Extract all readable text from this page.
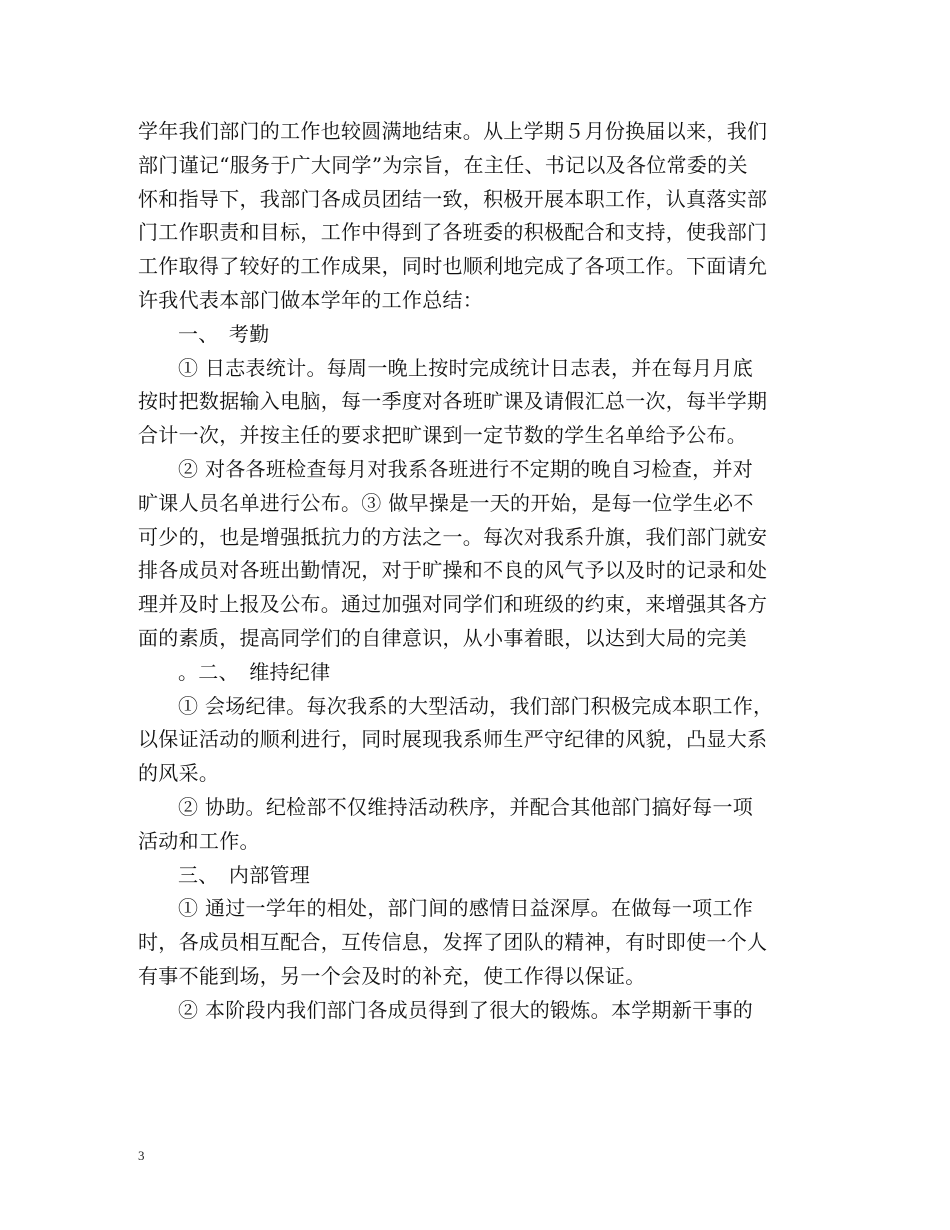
学年我们部门的工作也较圆满地结束。从上学期５月份换届以来，我们
部门谨记“服务于广大同学”为宗旨，在主任、书记以及各位常委的关
怀和指导下，我部门各成员团结一致，积极开展本职工作，认真落实部
门工作职责和目标，工作中得到了各班委的积极配合和支持，使我部门
工作取得了较好的工作成果，同时也顺利地完成了各项工作。下面请允
许我代表本部门做本学年的工作总结：
一、　考勤
① 日志表统计。每周一晚上按时完成统计日志表，并在每月月底
按时把数据输入电脑，每一季度对各班旷课及请假汇总一次，每半学期
合计一次，并按主任的要求把旷课到一定节数的学生名单给予公布。
② 对各各班检查每月对我系各班进行不定期的晚自习检查，并对
旷课人员名单进行公布。③ 做早操是一天的开始，是每一位学生必不
可少的，也是增强抵抗力的方法之一。每次对我系升旗，我们部门就安
排各成员对各班出勤情况，对于旷操和不良的风气予以及时的记录和处
理并及时上报及公布。通过加强对同学们和班级的约束，来增强其各方
面的素质，提高同学们的自律意识，从小事着眼，以达到大局的完美
。二、　维持纪律
① 会场纪律。每次我系的大型活动，我们部门积极完成本职工作，
以保证活动的顺利进行，同时展现我系师生严守纪律的风貌，凸显大系
的风采。
② 协助。纪检部不仅维持活动秩序，并配合其他部门搞好每一项
活动和工作。
三、　内部管理
① 通过一学年的相处，部门间的感情日益深厚。在做每一项工作
时，各成员相互配合，互传信息，发挥了团队的精神，有时即使一个人
有事不能到场，另一个会及时的补充，使工作得以保证。
② 本阶段内我们部门各成员得到了很大的锻炼。本学期新干事的
3
